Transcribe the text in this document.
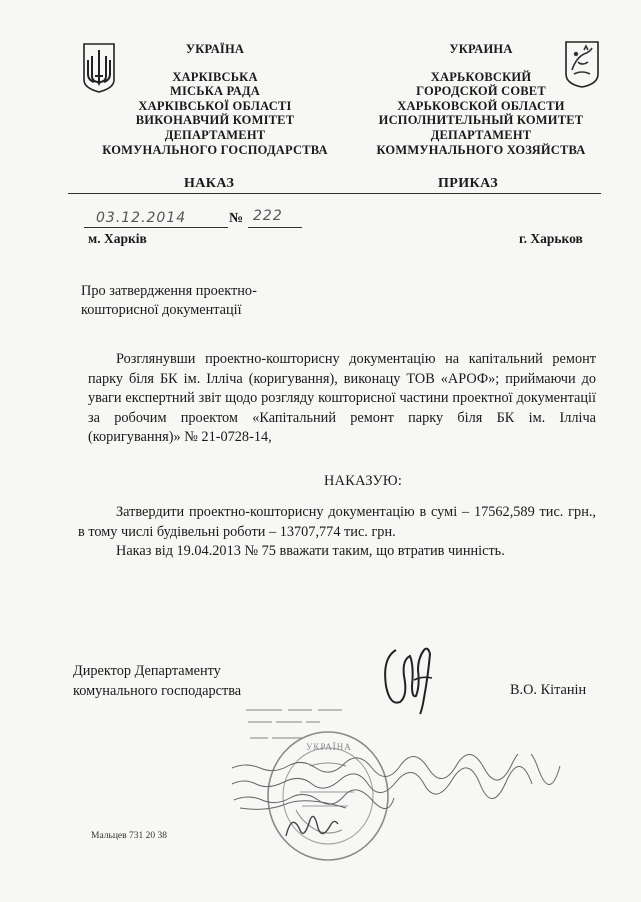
УКРАЇНА
ХАРКІВСЬКА
МІСЬКА РАДА
ХАРКІВСЬКОЇ ОБЛАСТІ
ВИКОНАВЧИЙ КОМІТЕТ
ДЕПАРТАМЕНТ
КОМУНАЛЬНОГО ГОСПОДАРСТВА
УКРАИНА
ХАРЬКОВСКИЙ
ГОРОДСКОЙ СОВЕТ
ХАРЬКОВСКОЙ ОБЛАСТИ
ИСПОЛНИТЕЛЬНЫЙ КОМИТЕТ
ДЕПАРТАМЕНТ
КОММУНАЛЬНОГО ХОЗЯЙСТВА
НАКАЗ	ПРИКАЗ
03.12.2014	№ 222
м. Харків	г. Харьков
Про затвердження проектно-
кошторисної документації
Розглянувши проектно-кошторисну документацію на капітальний ремонт парку біля БК ім. Ілліча (коригування), виконацу ТОВ «АРОФ»; приймаючи до уваги експертний звіт щодо розгляду кошторисної частини проектної документації за робочим проектом «Капітальний ремонт парку біля БК ім. Ілліча (коригування)» № 21-0728-14,
НАКАЗУЮ:
Затвердити проектно-кошторисну документацію в сумі – 17562,589 тис. грн., в тому числі будівельні роботи – 13707,774 тис. грн.
Наказ від 19.04.2013 № 75 вважати таким, що втратив чинність.
Директор Департаменту
комунального господарства	В.О. Кітанін
УКРАЇНА
Мальцев 731 20 38
